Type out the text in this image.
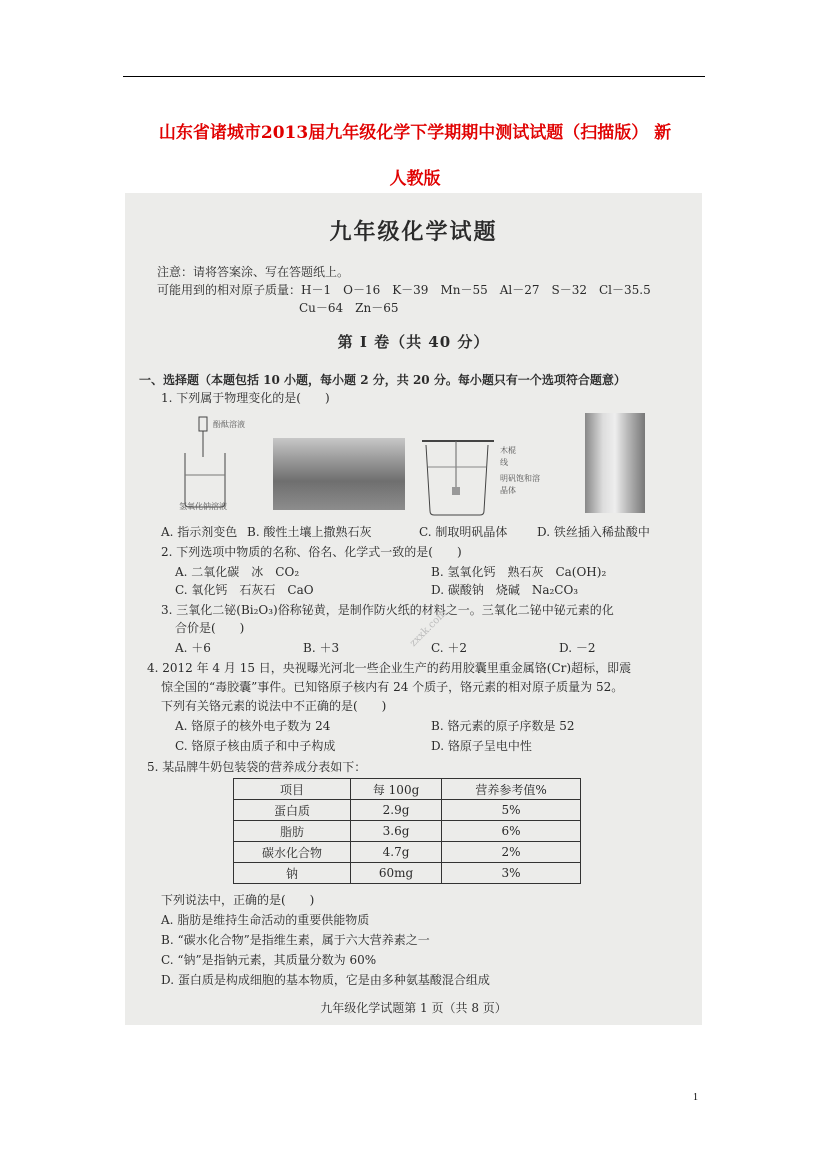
山东省诸城市2013届九年级化学下学期期中测试试题（扫描版） 新
人教版
九年级化学试题
注意：请将答案涂、写在答题纸上。
可能用到的相对原子质量：H－1　O－16　K－39　Mn－55　Al－27　S－32　Cl－35.5
Cu－64　Zn－65
第 I 卷（共 40 分）
一、选择题（本题包括 10 小题，每小题 2 分，共 20 分。每小题只有一个选项符合题意）
1. 下列属于物理变化的是(　　)
酚酞溶液
氢氧化钠溶液
木棍
线
明矾饱和溶
晶体
A. 指示剂变色 B. 酸性土壤上撒熟石灰	C. 制取明矾晶体 D. 铁丝插入稀盐酸中
2. 下列选项中物质的名称、俗名、化学式一致的是(　　)
A. 二氧化碳　冰　CO₂	B. 氢氧化钙　熟石灰　Ca(OH)₂
C. 氧化钙　石灰石　CaO	D. 碳酸钠　烧碱　Na₂CO₃
3. 三氧化二铋(Bi₂O₃)俗称铋黄，是制作防火纸的材料之一。三氧化二铋中铋元素的化
合价是(　　)
A. ＋6	B. ＋3	C. ＋2	D. －2
4. 2012 年 4 月 15 日，央视曝光河北一些企业生产的药用胶囊里重金属铬(Cr)超标，即震
惊全国的“毒胶囊”事件。已知铬原子核内有 24 个质子，铬元素的相对原子质量为 52。
下列有关铬元素的说法中不正确的是(　　)
A. 铬原子的核外电子数为 24	B. 铬元素的原子序数是 52
C. 铬原子核由质子和中子构成	D. 铬原子呈电中性
5. 某品牌牛奶包装袋的营养成分表如下：
项目	每 100g	营养参考值%
蛋白质	2.9g	5%
脂肪	3.6g	6%
碳水化合物	4.7g	2%
钠	60mg	3%
下列说法中，正确的是(　　)
A. 脂肪是维持生命活动的重要供能物质
B. “碳水化合物”是指维生素，属于六大营养素之一
C. “钠”是指钠元素，其质量分数为 60%
D. 蛋白质是构成细胞的基本物质，它是由多种氨基酸混合组成
zxxk.com
九年级化学试题第 1 页（共 8 页）
1
